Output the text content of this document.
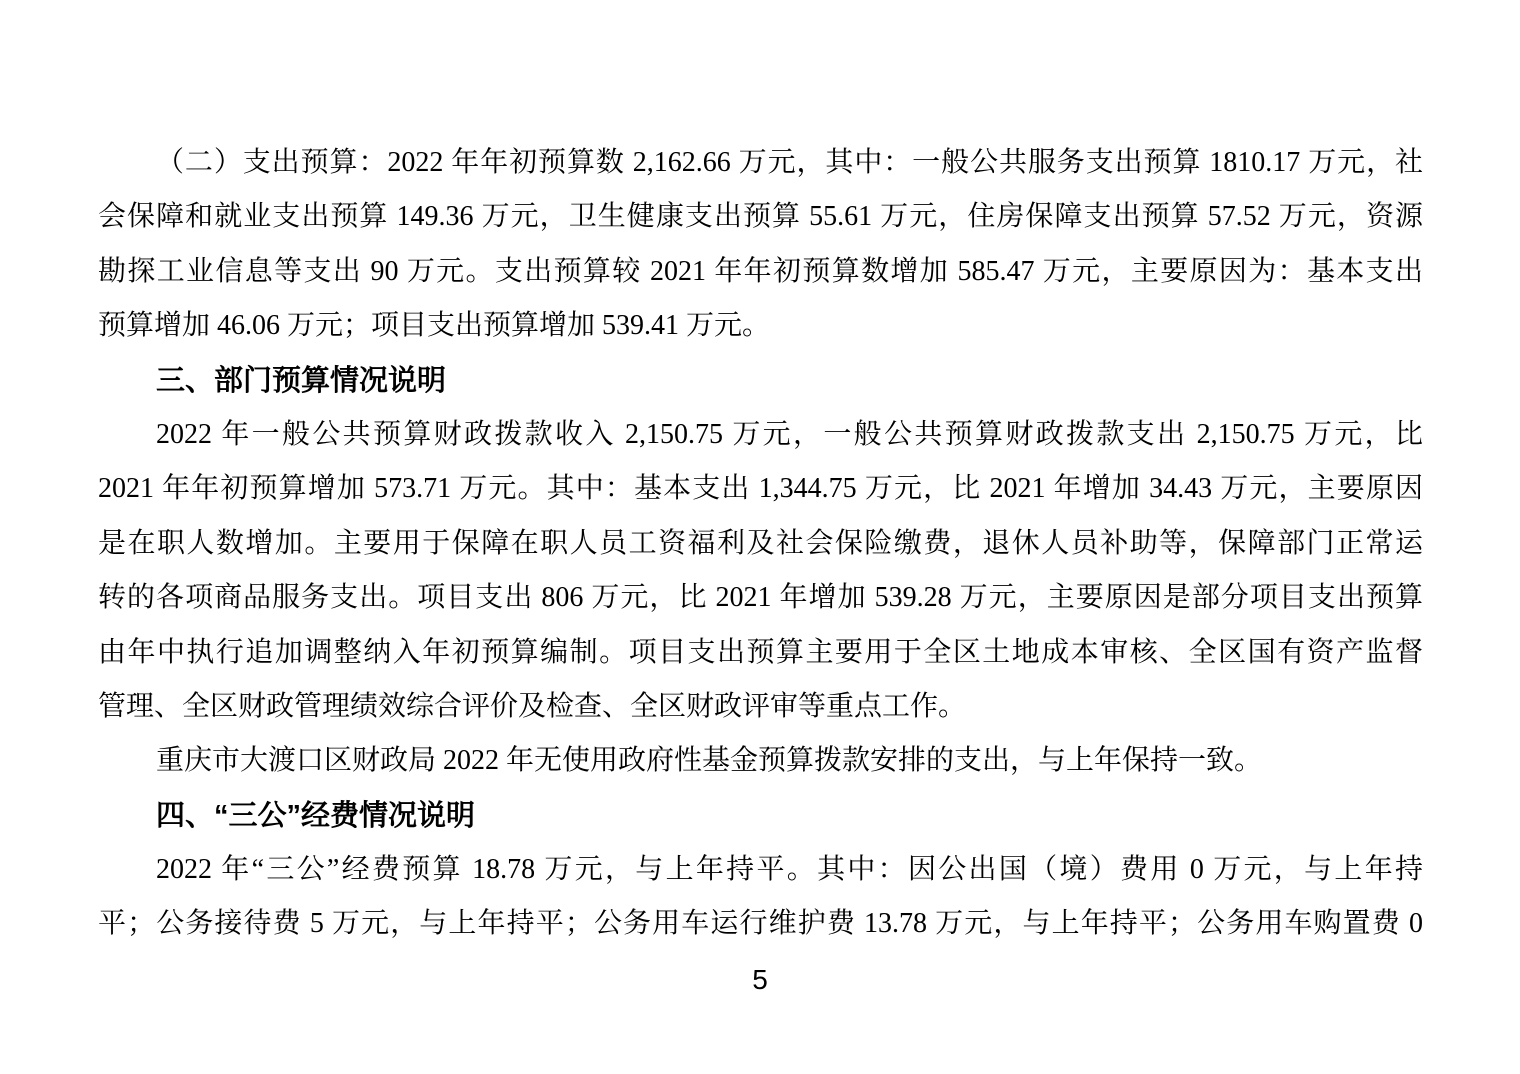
（二）支出预算：2022 年年初预算数 2,162.66 万元，其中：一般公共服务支出预算 1810.17 万元，社
会保障和就业支出预算 149.36 万元，卫生健康支出预算 55.61 万元，住房保障支出预算 57.52 万元，资源
勘探工业信息等支出 90 万元。支出预算较 2021 年年初预算数增加 585.47 万元，主要原因为：基本支出
预算增加 46.06 万元；项目支出预算增加 539.41 万元。
三、部门预算情况说明
2022 年一般公共预算财政拨款收入 2,150.75 万元，一般公共预算财政拨款支出 2,150.75 万元，比
2021 年年初预算增加 573.71 万元。其中：基本支出 1,344.75 万元，比 2021 年增加 34.43 万元，主要原因
是在职人数增加。主要用于保障在职人员工资福利及社会保险缴费，退休人员补助等，保障部门正常运
转的各项商品服务支出。项目支出 806 万元，比 2021 年增加 539.28 万元，主要原因是部分项目支出预算
由年中执行追加调整纳入年初预算编制。项目支出预算主要用于全区土地成本审核、全区国有资产监督
管理、全区财政管理绩效综合评价及检查、全区财政评审等重点工作。
重庆市大渡口区财政局 2022 年无使用政府性基金预算拨款安排的支出，与上年保持一致。
四、“三公”经费情况说明
2022 年“三公”经费预算 18.78 万元，与上年持平。其中：因公出国（境）费用 0 万元，与上年持
平；公务接待费 5 万元，与上年持平；公务用车运行维护费 13.78 万元，与上年持平；公务用车购置费 0
5
